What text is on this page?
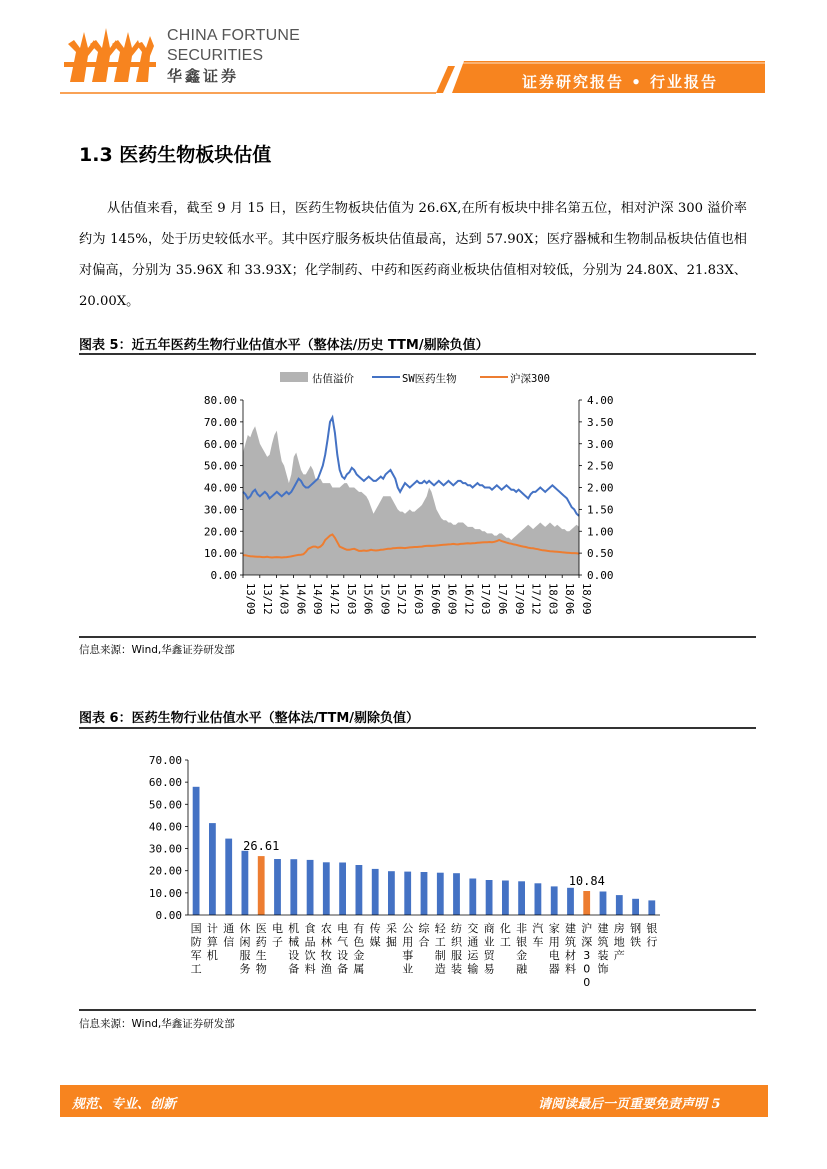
CHINA FORTUNE
SECURITIES
华鑫证券	证券研究报告 • 行业报告
1.3 医药生物板块估值
从估值来看，截至 9 月 15 日，医药生物板块估值为 26.6X,在所有板块中排名第五位，相对沪深 300 溢价率约为 145%，处于历史较低水平。其中医疗服务板块估值最高，达到 57.90X；医疗器械和生物制品板块估值也相对偏高，分别为 35.96X 和 33.93X；化学制药、中药和医药商业板块估值相对较低，分别为 24.80X、21.83X、20.00X。
图表 5：近五年医药生物行业估值水平（整体法/历史 TTM/剔除负值）
估值溢价	SW医药生物	沪深300
0.00
10.00
20.00
30.00
40.00
50.00
60.00
70.00
80.00
0.00
0.50
1.00
1.50
2.00
2.50
3.00
3.50
4.00
13/09 13/12 14/03 14/06 14/09 14/12 15/03 15/06 15/09 15/12 16/03 16/06 16/09 16/12 17/03 17/06 17/09 17/12 18/03 18/06 18/09
信息来源：Wind,华鑫证券研发部
图表 6：医药生物行业估值水平（整体法/TTM/剔除负值）
0.00
10.00
20.00
30.00
40.00
50.00
60.00
70.00
26.61
10.84
国防军工
计算机
通信
休闲服务
医药生物
电子
机械设备
食品饮料
农林牧渔
电气设备
有色金属
传媒
采掘
公用事业
综合
轻工制造
纺织服装
交通运输
商业贸易
化工
非银金融
汽车
家用电器
建筑材料
沪深 3 0 0
建筑装饰
房地产
钢铁
银行
信息来源：Wind,华鑫证券研发部
规范、专业、创新	请阅读最后一页重要免责声明 5
